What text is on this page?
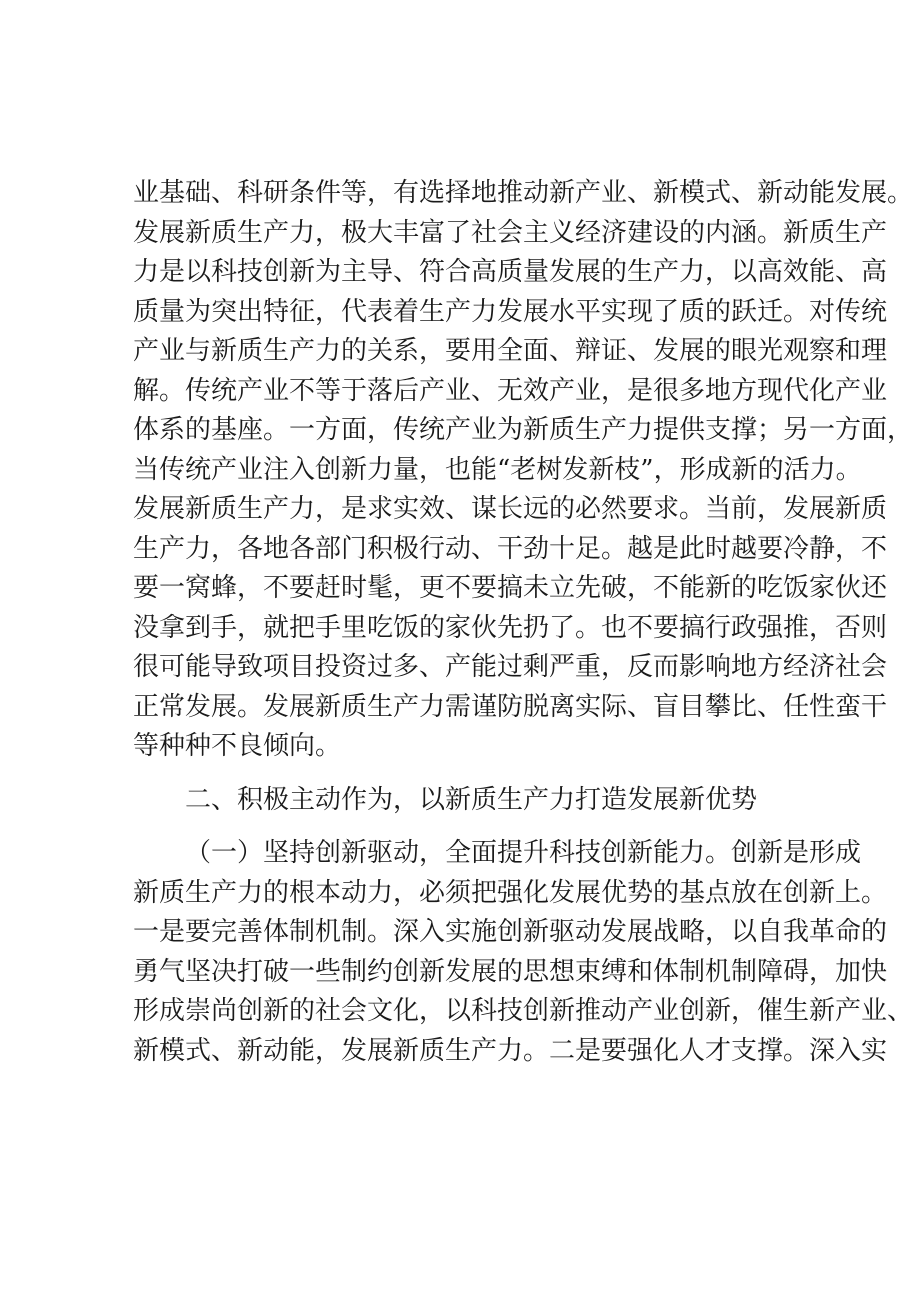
业基础、科研条件等，有选择地推动新产业、新模式、新动能发展。
发展新质生产力，极大丰富了社会主义经济建设的内涵。新质生产
力是以科技创新为主导、符合高质量发展的生产力，以高效能、高
质量为突出特征，代表着生产力发展水平实现了质的跃迁。对传统
产业与新质生产力的关系，要用全面、辩证、发展的眼光观察和理
解。传统产业不等于落后产业、无效产业，是很多地方现代化产业
体系的基座。一方面，传统产业为新质生产力提供支撑；另一方面，
当传统产业注入创新力量，也能“老树发新枝”，形成新的活力。
发展新质生产力，是求实效、谋长远的必然要求。当前，发展新质
生产力，各地各部门积极行动、干劲十足。越是此时越要冷静，不
要一窝蜂，不要赶时髦，更不要搞未立先破，不能新的吃饭家伙还
没拿到手，就把手里吃饭的家伙先扔了。也不要搞行政强推，否则
很可能导致项目投资过多、产能过剩严重，反而影响地方经济社会
正常发展。发展新质生产力需谨防脱离实际、盲目攀比、任性蛮干
等种种不良倾向。
二、积极主动作为，以新质生产力打造发展新优势
（一）坚持创新驱动，全面提升科技创新能力。创新是形成
新质生产力的根本动力，必须把强化发展优势的基点放在创新上。
一是要完善体制机制。深入实施创新驱动发展战略，以自我革命的
勇气坚决打破一些制约创新发展的思想束缚和体制机制障碍，加快
形成崇尚创新的社会文化，以科技创新推动产业创新，催生新产业、
新模式、新动能，发展新质生产力。二是要强化人才支撑。深入实
